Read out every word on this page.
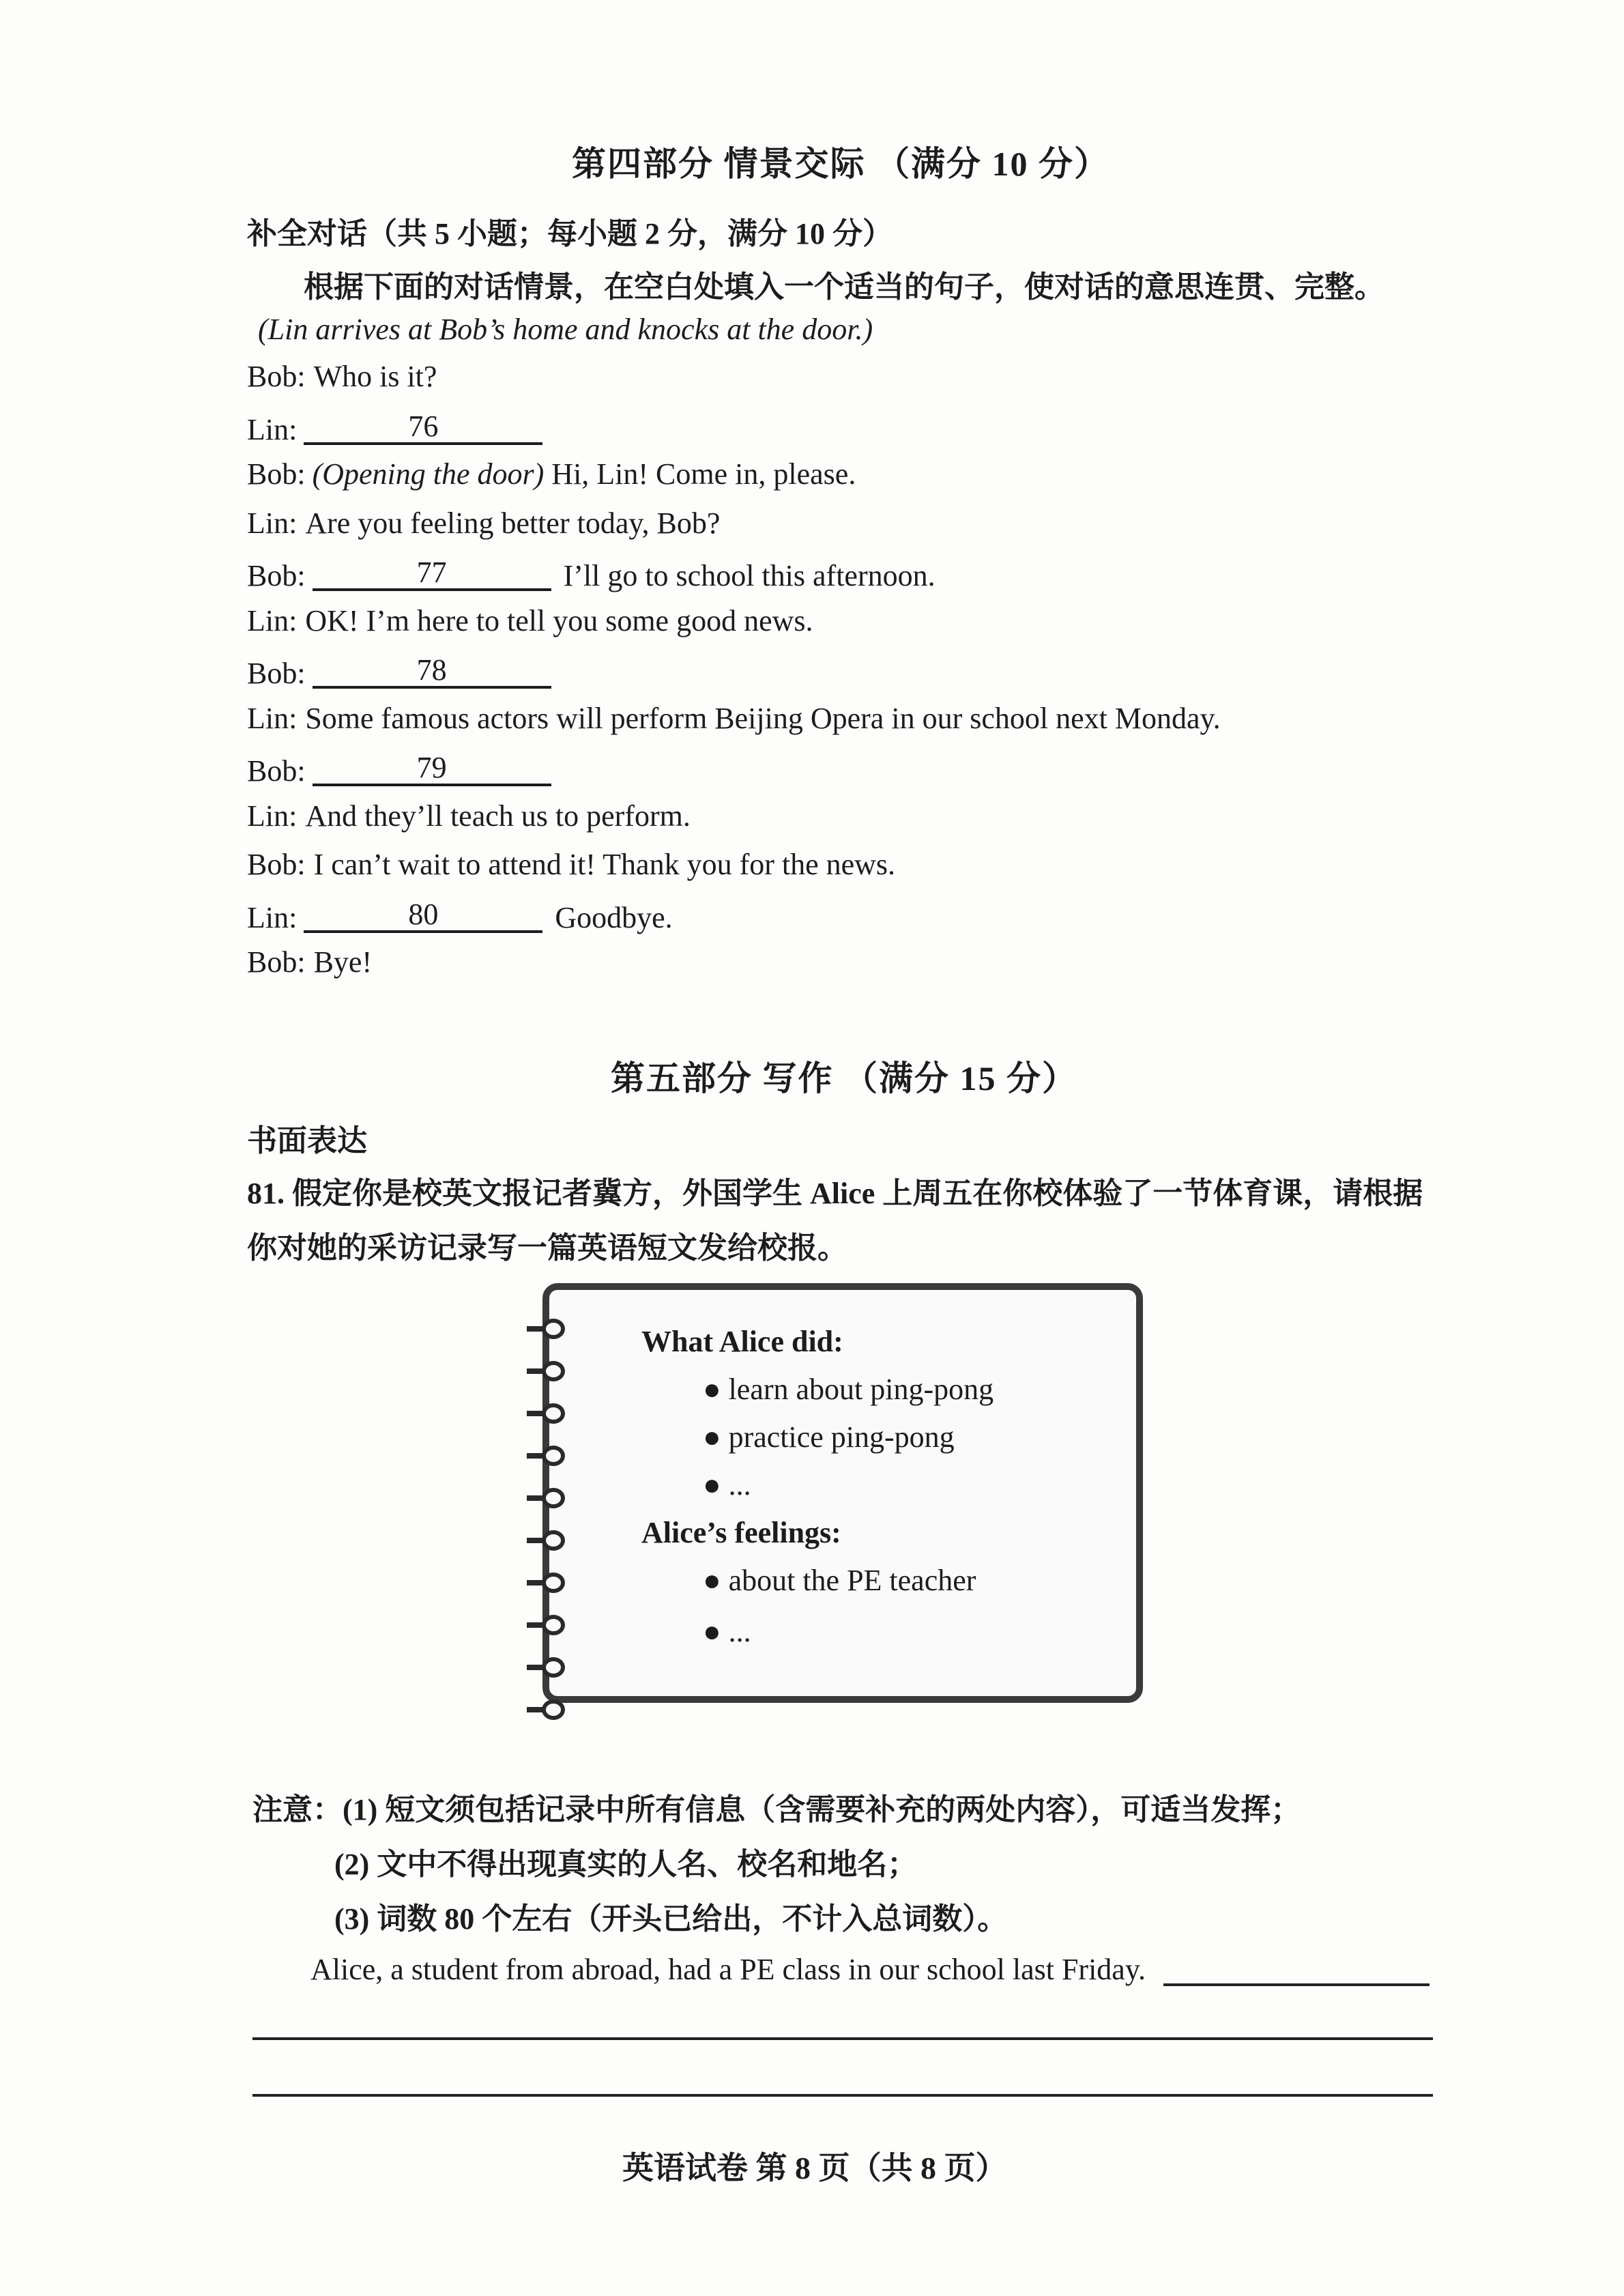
第四部分 情景交际 （满分 10 分）
补全对话（共 5 小题；每小题 2 分，满分 10 分）
根据下面的对话情景，在空白处填入一个适当的句子，使对话的意思连贯、完整。
(Lin arrives at Bob’s home and knocks at the door.)
Bob: Who is it?
Lin:	76
Bob: (Opening the door) Hi, Lin! Come in, please.
Lin: Are you feeling better today, Bob?
Bob:	77	I’ll go to school this afternoon.
Lin: OK! I’m here to tell you some good news.
Bob:	78
Lin: Some famous actors will perform Beijing Opera in our school next Monday.
Bob:	79
Lin: And they’ll teach us to perform.
Bob: I can’t wait to attend it! Thank you for the news.
Lin:	80	Goodbye.
Bob: Bye!
第五部分 写作 （满分 15 分）
书面表达
81. 假定你是校英文报记者冀方，外国学生 Alice 上周五在你校体验了一节体育课，请根据
你对她的采访记录写一篇英语短文发给校报。
What Alice did:
● learn about ping-pong
● practice ping-pong
● ...
Alice’s feelings:
● about the PE teacher
● ...
注意：(1) 短文须包括记录中所有信息（含需要补充的两处内容），可适当发挥；
(2) 文中不得出现真实的人名、校名和地名；
(3) 词数 80 个左右（开头已给出，不计入总词数）。
Alice, a student from abroad, had a PE class in our school last Friday.
英语试卷 第 8 页（共 8 页）
